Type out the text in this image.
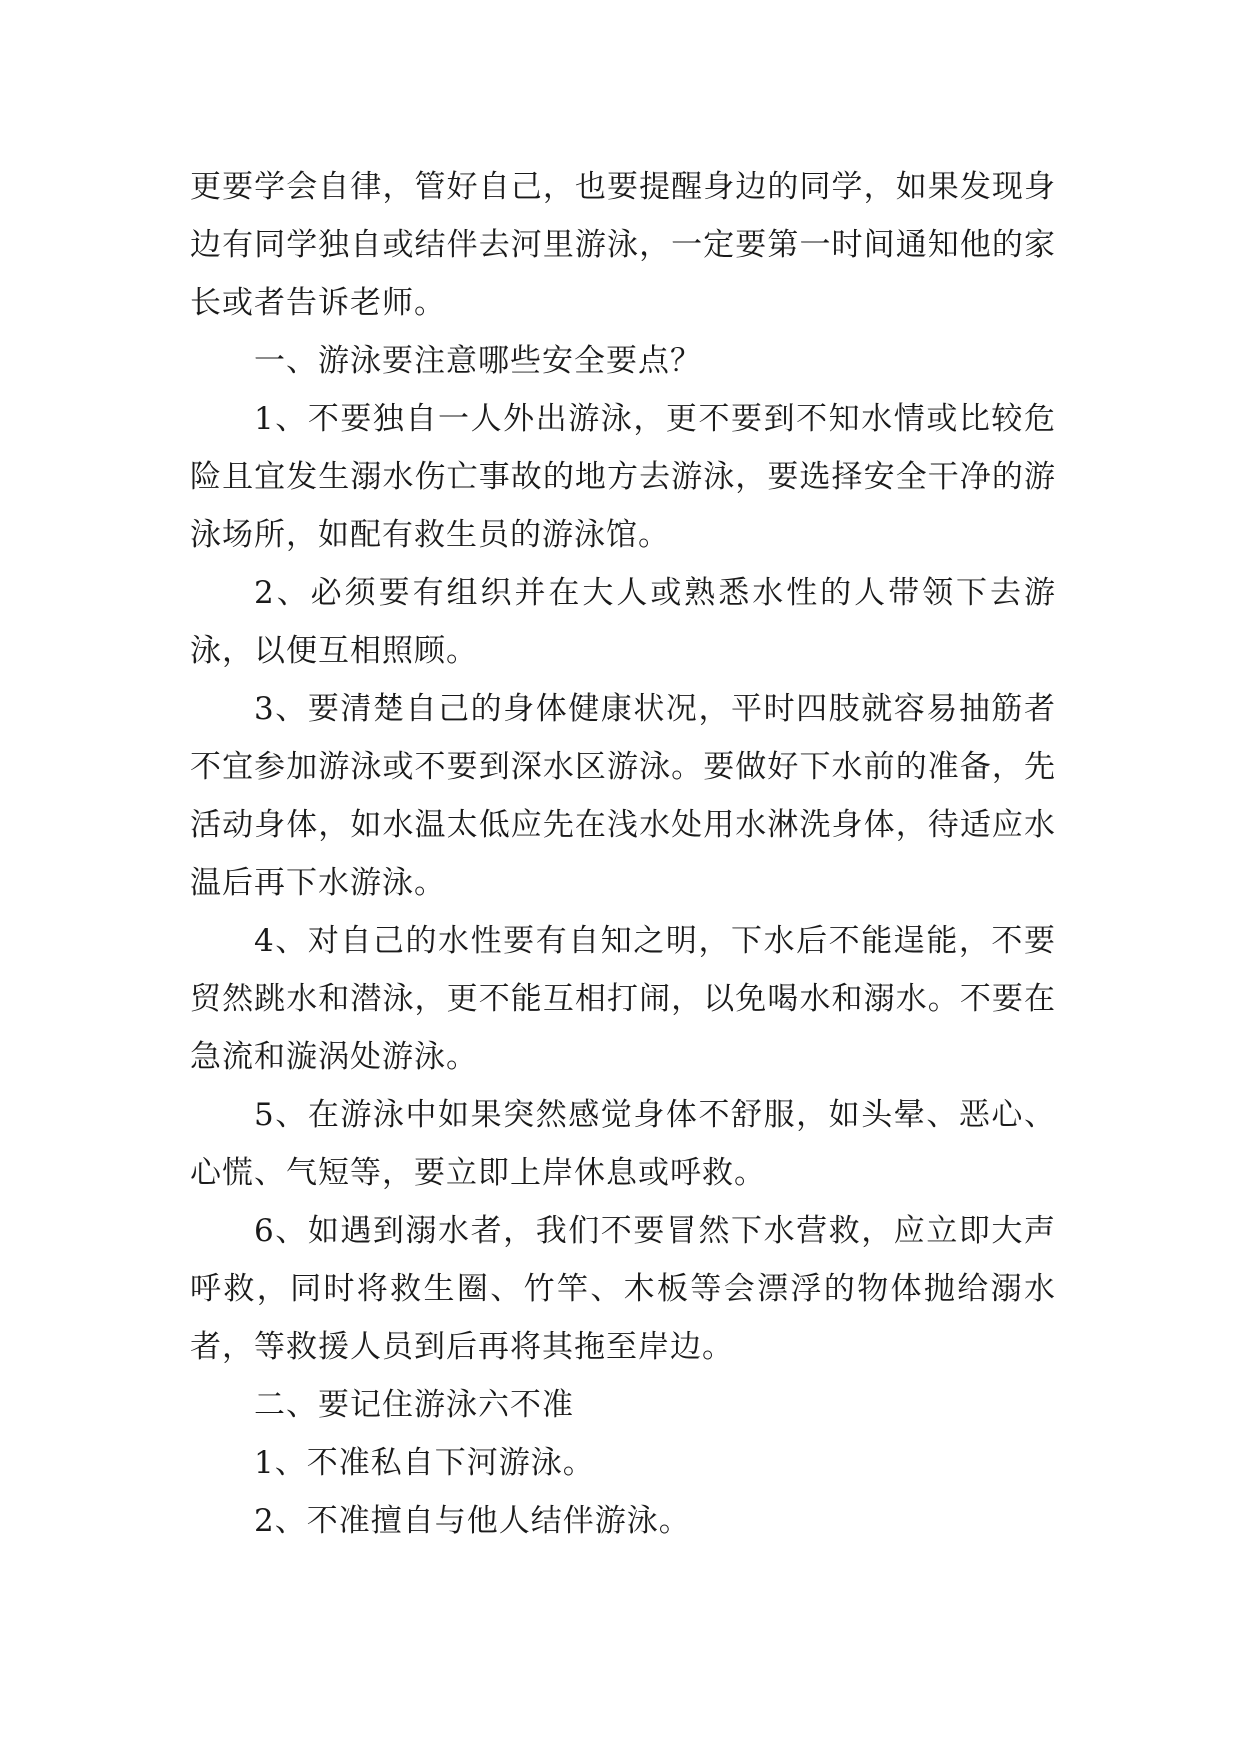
更要学会自律，管好自己，也要提醒身边的同学，如果发现身边有同学独自或结伴去河里游泳，一定要第一时间通知他的家长或者告诉老师。

一、游泳要注意哪些安全要点？

1、不要独自一人外出游泳，更不要到不知水情或比较危险且宜发生溺水伤亡事故的地方去游泳，要选择安全干净的游泳场所，如配有救生员的游泳馆。

2、必须要有组织并在大人或熟悉水性的人带领下去游泳，以便互相照顾。

3、要清楚自己的身体健康状况，平时四肢就容易抽筋者不宜参加游泳或不要到深水区游泳。要做好下水前的准备，先活动身体，如水温太低应先在浅水处用水淋洗身体，待适应水温后再下水游泳。

4、对自己的水性要有自知之明，下水后不能逞能，不要贸然跳水和潜泳，更不能互相打闹，以免喝水和溺水。不要在急流和漩涡处游泳。

5、在游泳中如果突然感觉身体不舒服，如头晕、恶心、心慌、气短等，要立即上岸休息或呼救。

6、如遇到溺水者，我们不要冒然下水营救，应立即大声呼救，同时将救生圈、竹竿、木板等会漂浮的物体抛给溺水者，等救援人员到后再将其拖至岸边。

二、要记住游泳六不准

1、不准私自下河游泳。

2、不准擅自与他人结伴游泳。
